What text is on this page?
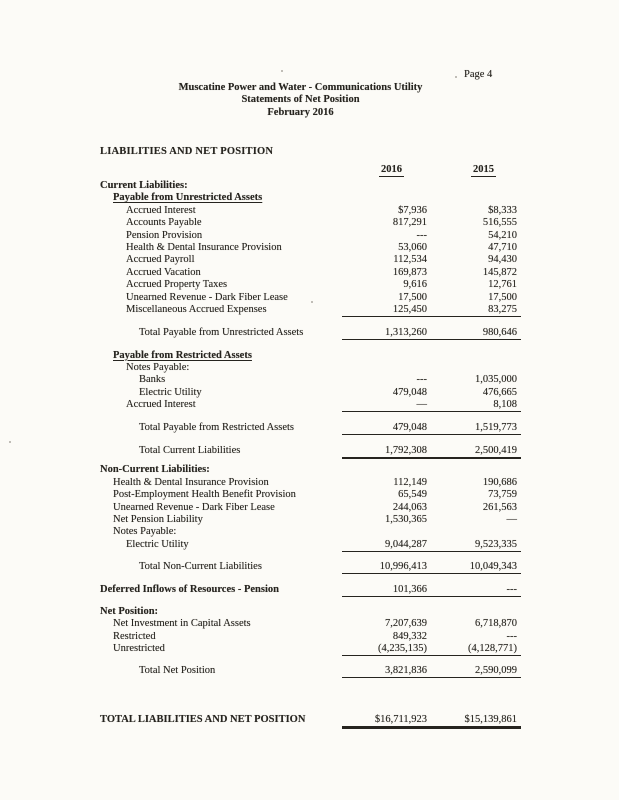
Page 4
Muscatine Power and Water - Communications Utility
Statements of Net Position
February 2016
LIABILITIES AND NET POSITION
2016	2015
Current Liabilities:
Payable from Unrestricted Assets
Accrued Interest	$7,936	$8,333
Accounts Payable	817,291	516,555
Pension Provision	---	54,210
Health & Dental Insurance Provision	53,060	47,710
Accrued Payroll	112,534	94,430
Accrued Vacation	169,873	145,872
Accrued Property Taxes	9,616	12,761
Unearned Revenue - Dark Fiber Lease	17,500	17,500
Miscellaneous Accrued Expenses	125,450	83,275
Total Payable from Unrestricted Assets	1,313,260	980,646
Payable from Restricted Assets
Notes Payable:
Banks	---	1,035,000
Electric Utility	479,048	476,665
Accrued Interest	—	8,108
Total Payable from Restricted Assets	479,048	1,519,773
Total Current Liabilities	1,792,308	2,500,419
Non-Current Liabilities:
Health & Dental Insurance Provision	112,149	190,686
Post-Employment Health Benefit Provision	65,549	73,759
Unearned Revenue - Dark Fiber Lease	244,063	261,563
Net Pension Liability	1,530,365	—
Notes Payable:
Electric Utility	9,044,287	9,523,335
Total Non-Current Liabilities	10,996,413	10,049,343
Deferred Inflows of Resources - Pension	101,366	---
Net Position:
Net Investment in Capital Assets	7,207,639	6,718,870
Restricted	849,332	---
Unrestricted	(4,235,135)	(4,128,771)
Total Net Position	3,821,836	2,590,099
TOTAL LIABILITIES AND NET POSITION	$16,711,923	$15,139,861
